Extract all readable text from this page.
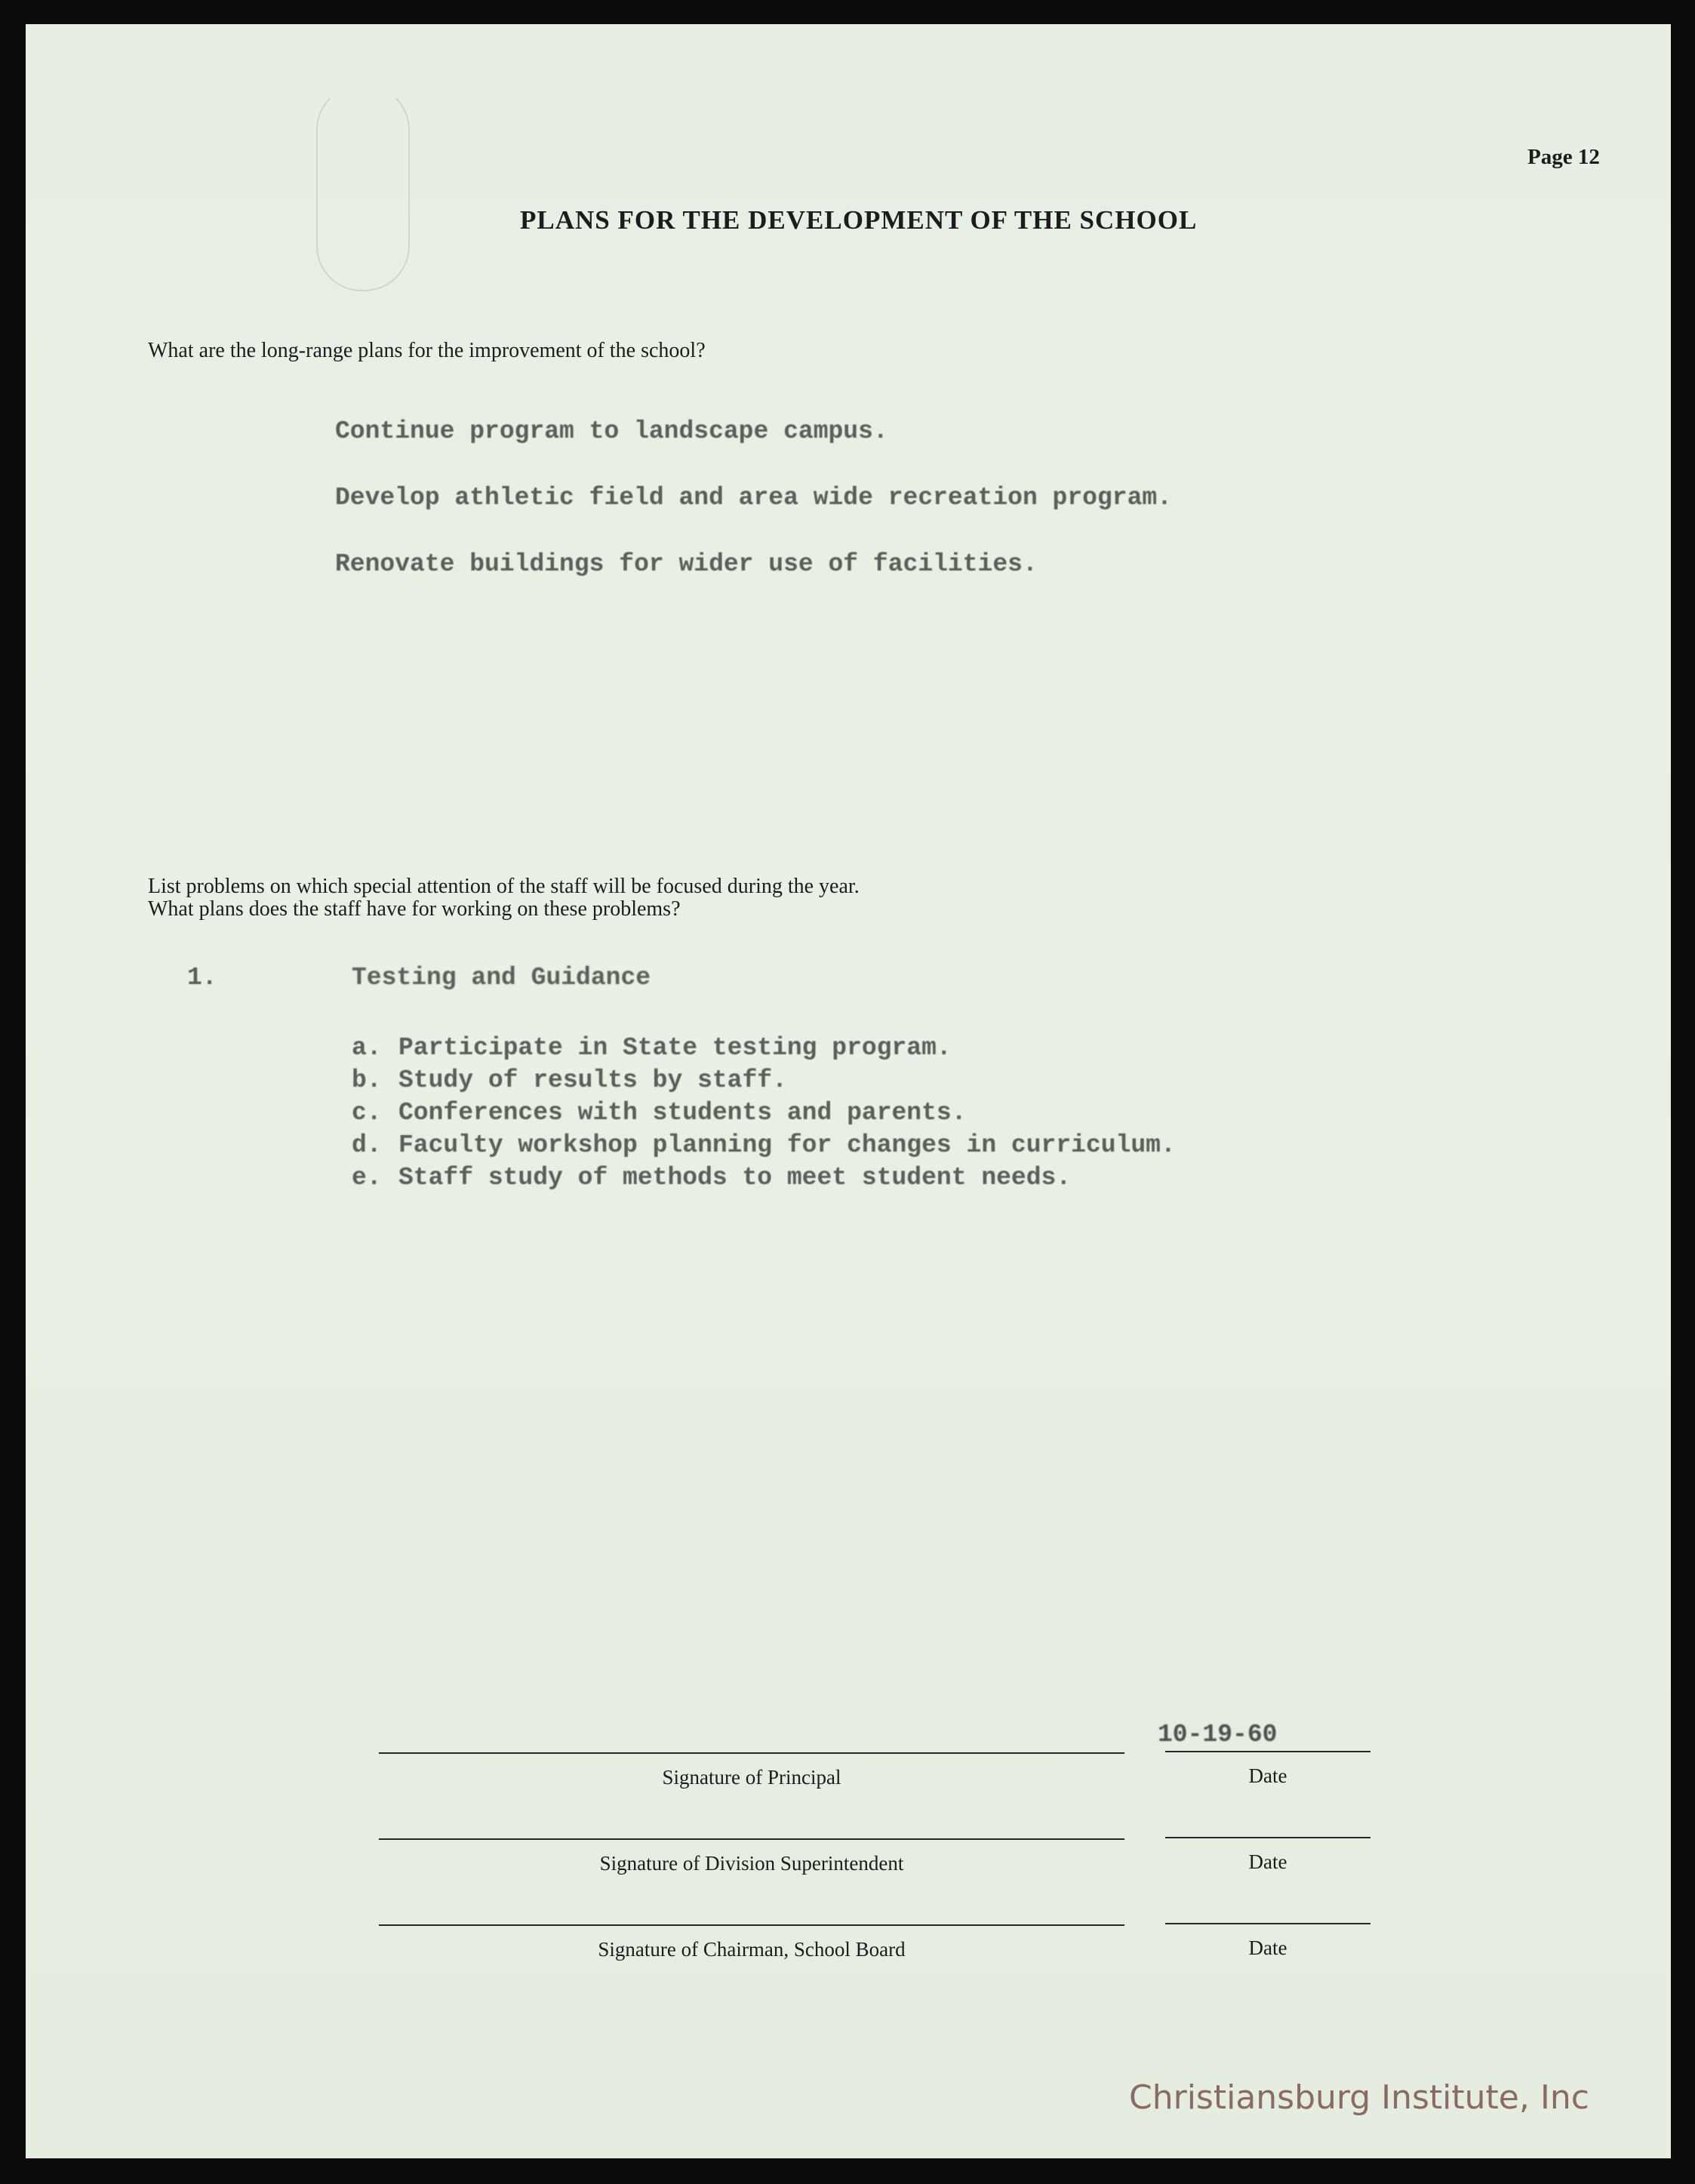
Page 12
PLANS FOR THE DEVELOPMENT OF THE SCHOOL
What are the long-range plans for the improvement of the school?
Continue program to landscape campus.
Develop athletic field and area wide recreation program.
Renovate buildings for wider use of facilities.
List problems on which special attention of the staff will be focused during the year.
What plans does the staff have for working on these problems?
1.	Testing and Guidance
a. Participate in State testing program.
b. Study of results by staff.
c. Conferences with students and parents.
d. Faculty workshop planning for changes in curriculum.
e. Staff study of methods to meet student needs.
10-19-60
Signature of Principal	Date
Signature of Division Superintendent	Date
Signature of Chairman, School Board	Date
Christiansburg Institute, Inc
